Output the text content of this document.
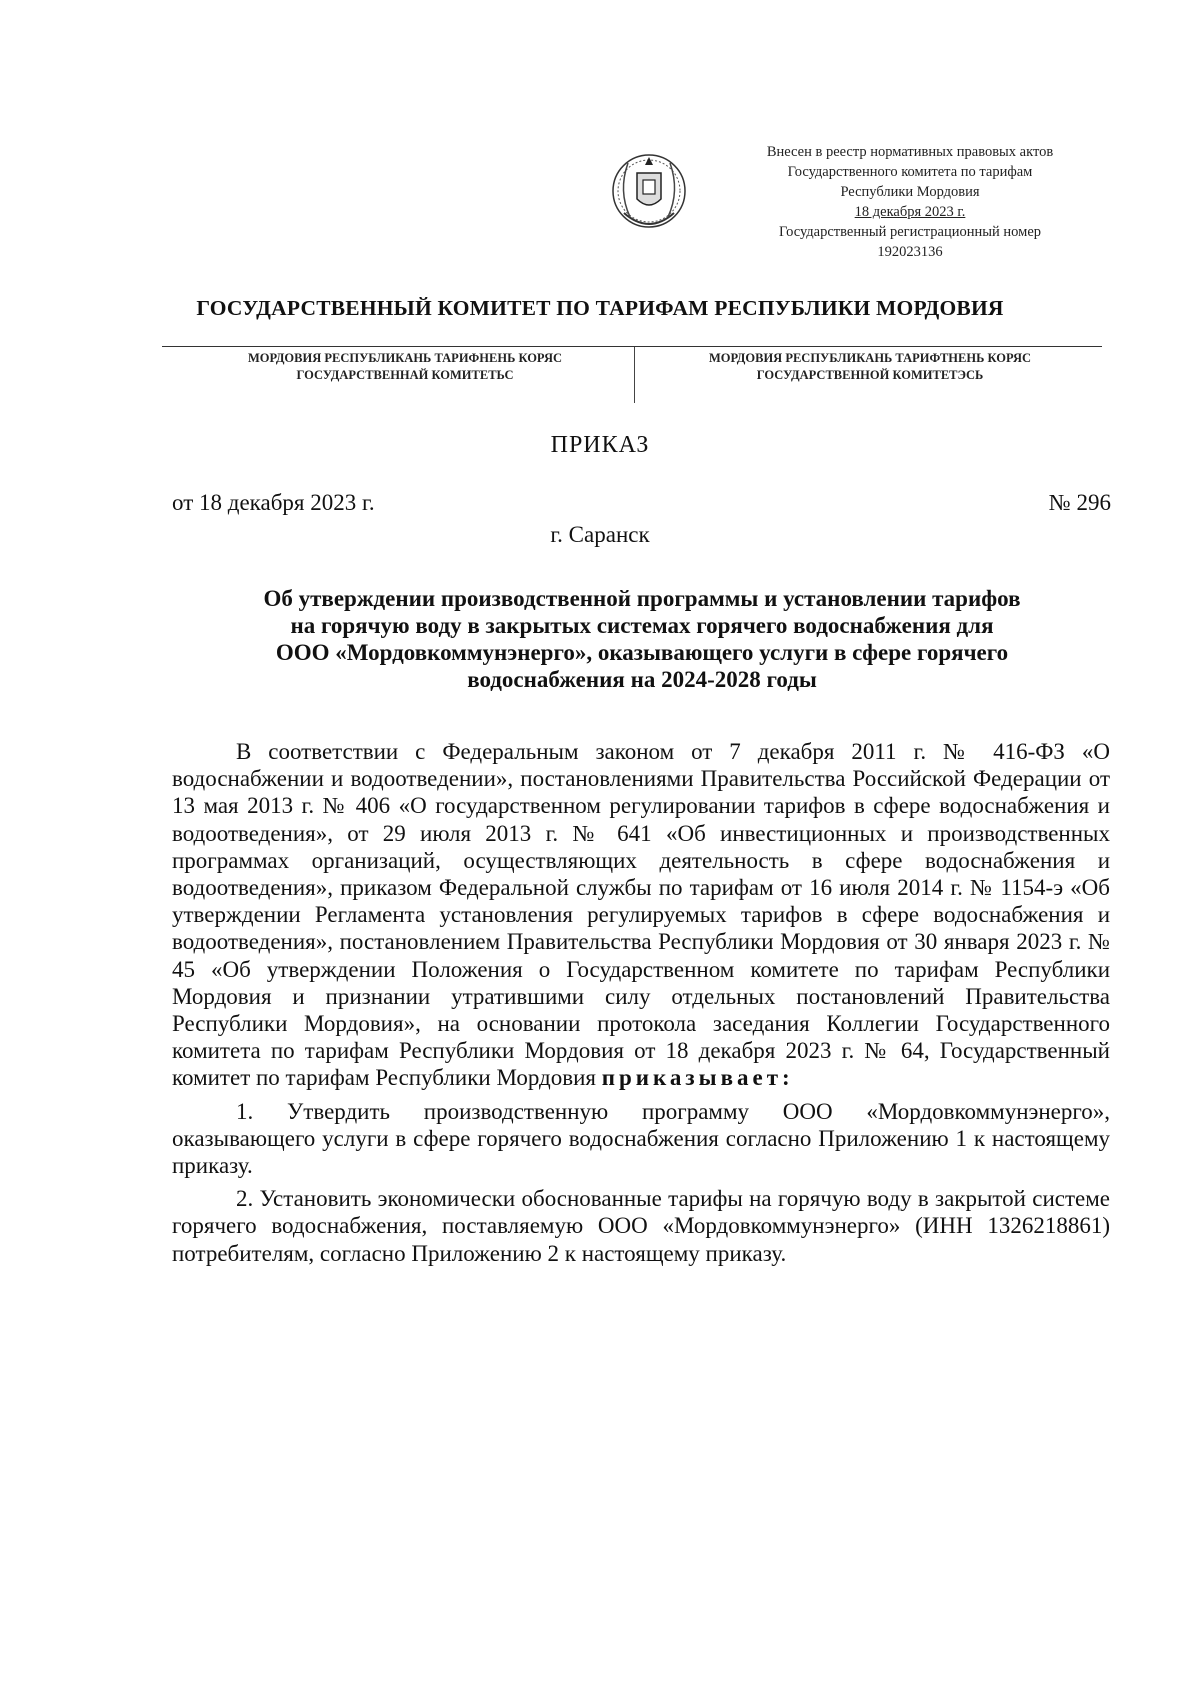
Внесен в реестр нормативных правовых актов
Государственного комитета по тарифам
Республики Мордовия
18 декабря 2023 г.
Государственный регистрационный номер
192023136
ГОСУДАРСТВЕННЫЙ КОМИТЕТ ПО ТАРИФАМ РЕСПУБЛИКИ МОРДОВИЯ
МОРДОВИЯ РЕСПУБЛИКАНЬ ТАРИФНЕНЬ КОРЯС
ГОСУДАРСТВЕННАЙ КОМИТЕТЬС
МОРДОВИЯ РЕСПУБЛИКАНЬ ТАРИФТНЕНЬ КОРЯС
ГОСУДАРСТВЕННОЙ КОМИТЕТЭСЬ
ПРИКАЗ
от 18 декабря 2023 г.	№ 296
г. Саранск
Об утверждении производственной программы и установлении тарифов
на горячую воду в закрытых системах горячего водоснабжения для
ООО «Мордовкоммунэнерго», оказывающего услуги в сфере горячего
водоснабжения на 2024-2028 годы

В соответствии с Федеральным законом от 7 декабря 2011 г. № 416-ФЗ «О водоснабжении и водоотведении», постановлениями Правительства Российской Федерации от 13 мая 2013 г. № 406 «О государственном регулировании тарифов в сфере водоснабжения и водоотведения», от 29 июля 2013 г. № 641 «Об инвестиционных и производственных программах организаций, осуществляющих деятельность в сфере водоснабжения и водоотведения», приказом Федеральной службы по тарифам от 16 июля 2014 г. № 1154-э «Об утверждении Регламента установления регулируемых тарифов в сфере водоснабжения и водоотведения», постановлением Правительства Республики Мордовия от 30 января 2023 г. № 45 «Об утверждении Положения о Государственном комитете по тарифам Республики Мордовия и признании утратившими силу отдельных постановлений Правительства Республики Мордовия», на основании протокола заседания Коллегии Государственного комитета по тарифам Республики Мордовия от 18 декабря 2023 г. № 64, Государственный комитет по тарифам Республики Мордовия приказывает:

1. Утвердить производственную программу ООО «Мордовкоммунэнерго», оказывающего услуги в сфере горячего водоснабжения согласно Приложению 1 к настоящему приказу.

2. Установить экономически обоснованные тарифы на горячую воду в закрытой системе горячего водоснабжения, поставляемую ООО «Мордовкоммунэнерго» (ИНН 1326218861) потребителям, согласно Приложению 2 к настоящему приказу.
